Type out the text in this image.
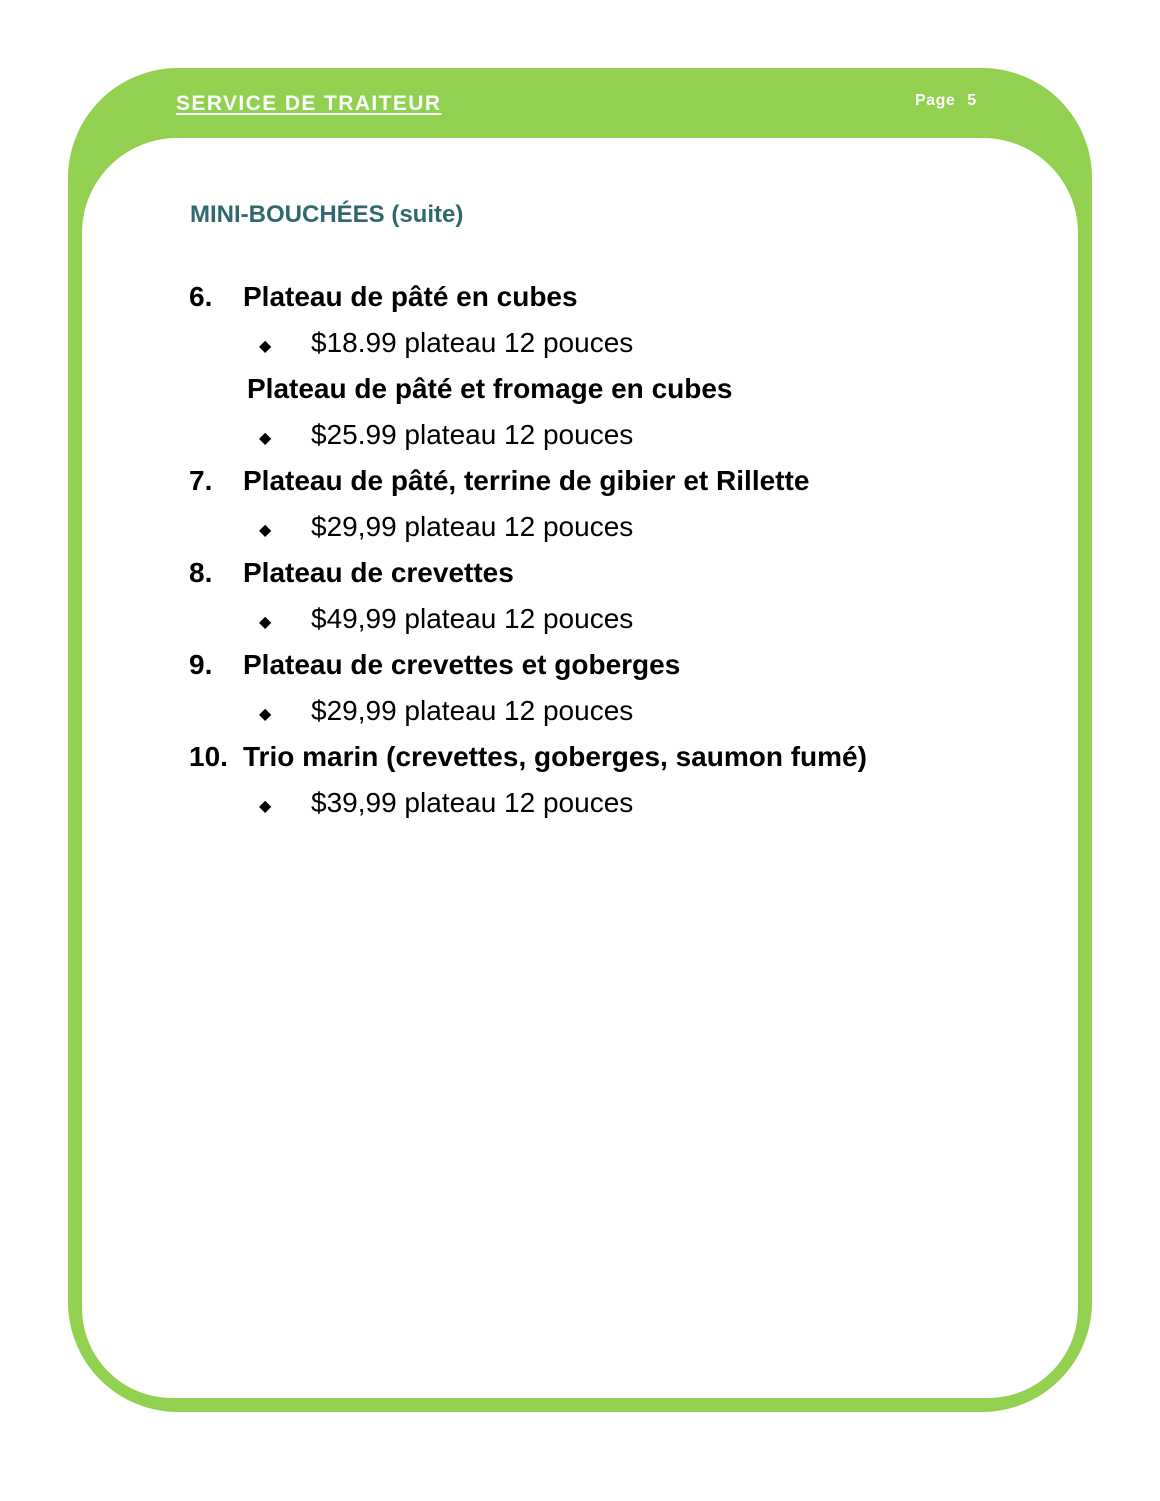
SERVICE DE TRAITEUR	Page 5
MINI-BOUCHÉES (suite)
6. Plateau de pâté en cubes
◆ $18.99 plateau 12 pouces
Plateau de pâté et fromage en cubes
◆ $25.99 plateau 12 pouces
7. Plateau de pâté, terrine de gibier et Rillette
◆ $29,99 plateau 12 pouces
8. Plateau de crevettes
◆ $49,99 plateau 12 pouces
9. Plateau de crevettes et goberges
◆ $29,99 plateau 12 pouces
10. Trio marin (crevettes, goberges, saumon fumé)
◆ $39,99 plateau 12 pouces
